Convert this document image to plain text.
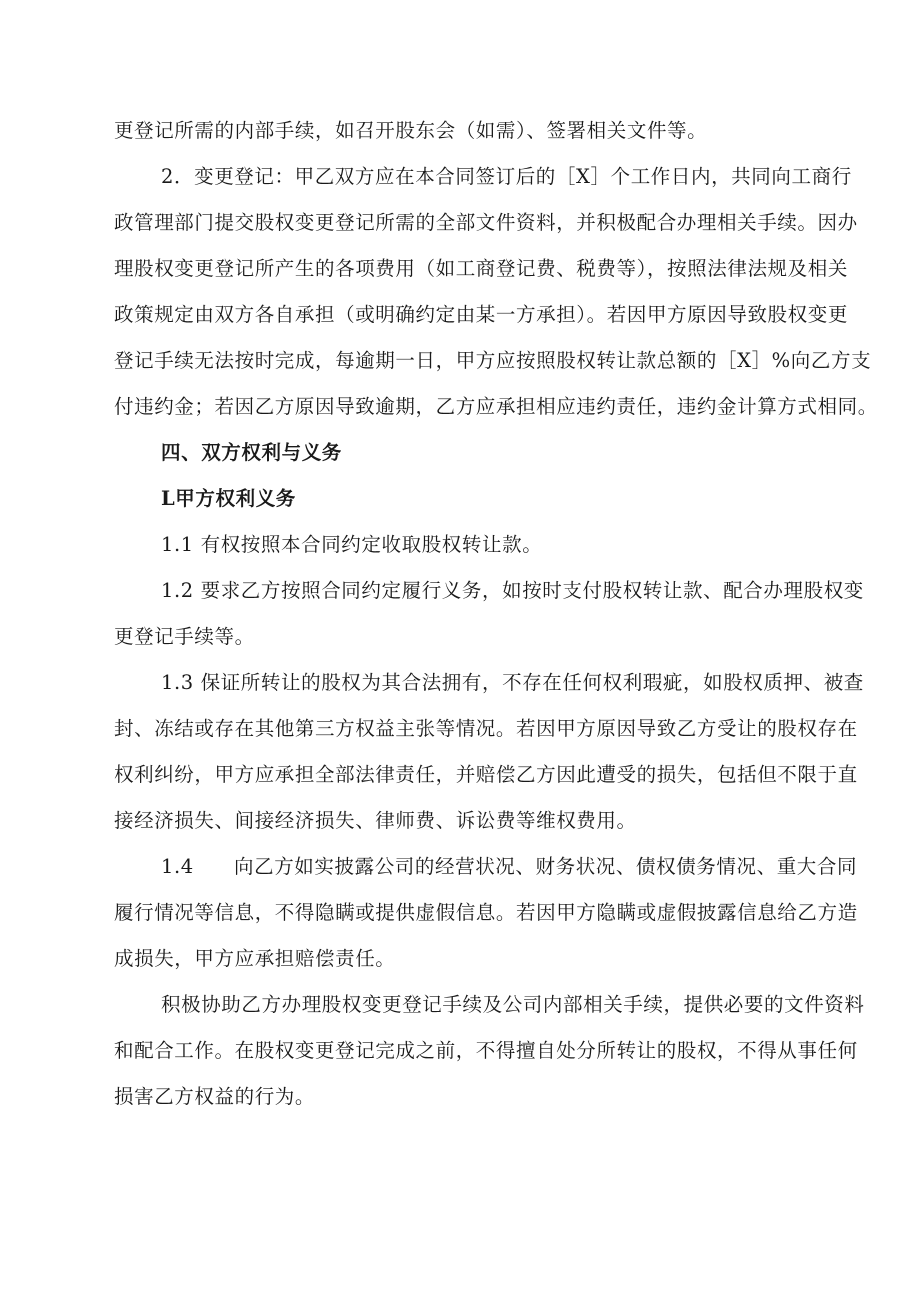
更登记所需的内部手续，如召开股东会（如需）、签署相关文件等。

2．变更登记：甲乙双方应在本合同签订后的［X］个工作日内，共同向工商行

政管理部门提交股权变更登记所需的全部文件资料，并积极配合办理相关手续。因办

理股权变更登记所产生的各项费用（如工商登记费、税费等），按照法律法规及相关

政策规定由双方各自承担（或明确约定由某一方承担）。若因甲方原因导致股权变更

登记手续无法按时完成，每逾期一日，甲方应按照股权转让款总额的［X］%向乙方支

付违约金；若因乙方原因导致逾期，乙方应承担相应违约责任，违约金计算方式相同。

四、双方权利与义务

L甲方权利义务

1.1 有权按照本合同约定收取股权转让款。

1.2 要求乙方按照合同约定履行义务，如按时支付股权转让款、配合办理股权变

更登记手续等。

1.3 保证所转让的股权为其合法拥有，不存在任何权利瑕疵，如股权质押、被查

封、冻结或存在其他第三方权益主张等情况。若因甲方原因导致乙方受让的股权存在

权利纠纷，甲方应承担全部法律责任，并赔偿乙方因此遭受的损失，包括但不限于直

接经济损失、间接经济损失、律师费、诉讼费等维权费用。

1.4　　向乙方如实披露公司的经营状况、财务状况、债权债务情况、重大合同

履行情况等信息，不得隐瞒或提供虚假信息。若因甲方隐瞒或虚假披露信息给乙方造

成损失，甲方应承担赔偿责任。

积极协助乙方办理股权变更登记手续及公司内部相关手续，提供必要的文件资料

和配合工作。在股权变更登记完成之前，不得擅自处分所转让的股权，不得从事任何

损害乙方权益的行为。
